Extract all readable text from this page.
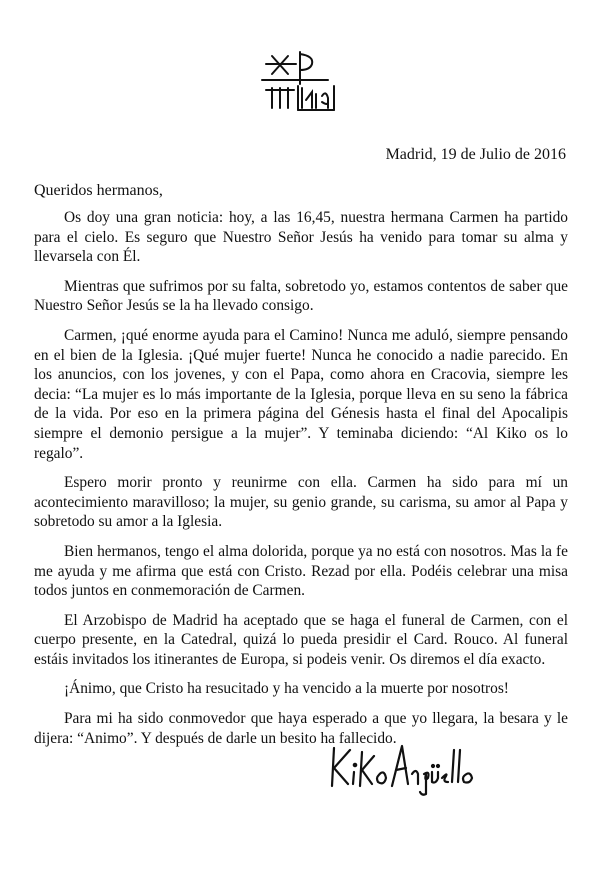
Madrid, 19 de Julio de 2016
Queridos hermanos,

Os doy una gran noticia: hoy, a las 16,45, nuestra hermana Carmen ha partido para el cielo. Es seguro que Nuestro Señor Jesús ha venido para tomar su alma y llevarsela con Él.

Mientras que sufrimos por su falta, sobretodo yo, estamos contentos de saber que Nuestro Señor Jesús se la ha llevado consigo.

Carmen, ¡qué enorme ayuda para el Camino! Nunca me aduló, siempre pensando en el bien de la Iglesia. ¡Qué mujer fuerte! Nunca he conocido a nadie parecido. En los anuncios, con los jovenes, y con el Papa, como ahora en Cracovia, siempre les decia: “La mujer es lo más importante de la Iglesia, porque lleva en su seno la fábrica de la vida. Por eso en la primera página del Génesis hasta el final del Apocalipis siempre el demonio persigue a la mujer”. Y teminaba diciendo: “Al Kiko os lo regalo”.

Espero morir pronto y reunirme con ella. Carmen ha sido para mí un acontecimiento maravilloso; la mujer, su genio grande, su carisma, su amor al Papa y sobretodo su amor a la Iglesia.

Bien hermanos, tengo el alma dolorida, porque ya no está con nosotros. Mas la fe me ayuda y me afirma que está con Cristo. Rezad por ella. Podéis celebrar una misa todos juntos en conmemoración de Carmen.

El Arzobispo de Madrid ha aceptado que se haga el funeral de Carmen, con el cuerpo presente, en la Catedral, quizá lo pueda presidir el Card. Rouco. Al funeral estáis invitados los itinerantes de Europa, si podeis venir. Os diremos el día exacto.

¡Ánimo, que Cristo ha resucitado y ha vencido a la muerte por nosotros!

Para mi ha sido conmovedor que haya esperado a que yo llegara, la besara y le dijera: “Animo”. Y después de darle un besito ha fallecido.
